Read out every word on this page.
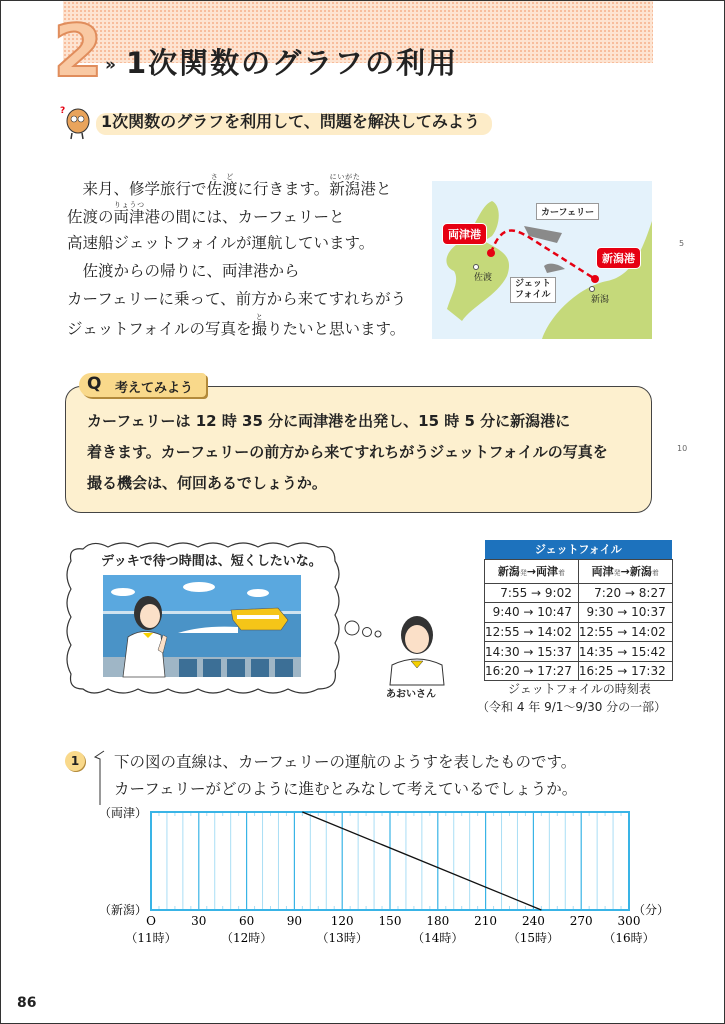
2 » 1次関数のグラフの利用
?
1次関数のグラフを利用して、問題を解決してみよう
　来月、修学旅行で佐渡さどに行きます。新潟にいがた港と
佐渡の両津りょうつ港の間には、カーフェリーと
高速船ジェットフォイルが運航しています。
　佐渡からの帰りに、両津港から
カーフェリーに乗って、前方から来てすれちがう
ジェットフォイルの写真を撮とりたいと思います。
カーフェリー
ジェット
フォイル
両津港
新潟港
佐渡
新潟
5
10
Q 考えてみよう
カーフェリーは 12 時 35 分に両津港を出発し、15 時 5 分に新潟港に
着きます。カーフェリーの前方から来てすれちがうジェットフォイルの写真を
撮る機会は、何回あるでしょうか。
デッキで待つ時間は、短くしたいな。
あおいさん
ジェットフォイル	
新潟発→両津着	両津発→新潟着
7:55 → 9:02	7:20 → 8:27
9:40 → 10:47	9:30 → 10:37
12:55 → 14:02	12:55 → 14:02
14:30 → 15:37	14:35 → 15:42
16:20 → 17:27	16:25 → 17:32
ジェットフォイルの時刻表
（令和 4 年 9/1〜9/30 分の一部）
1	下の図の直線は、カーフェリーの運航のようすを表したものです。
カーフェリーがどのように進むとみなして考えているでしょうか。
O	30	60	90 120 150 180 210 240 270 300
（11時）	（12時）	（13時）	（14時）	（15時）	（16時）
（両津）
（新潟）	（分）
86
